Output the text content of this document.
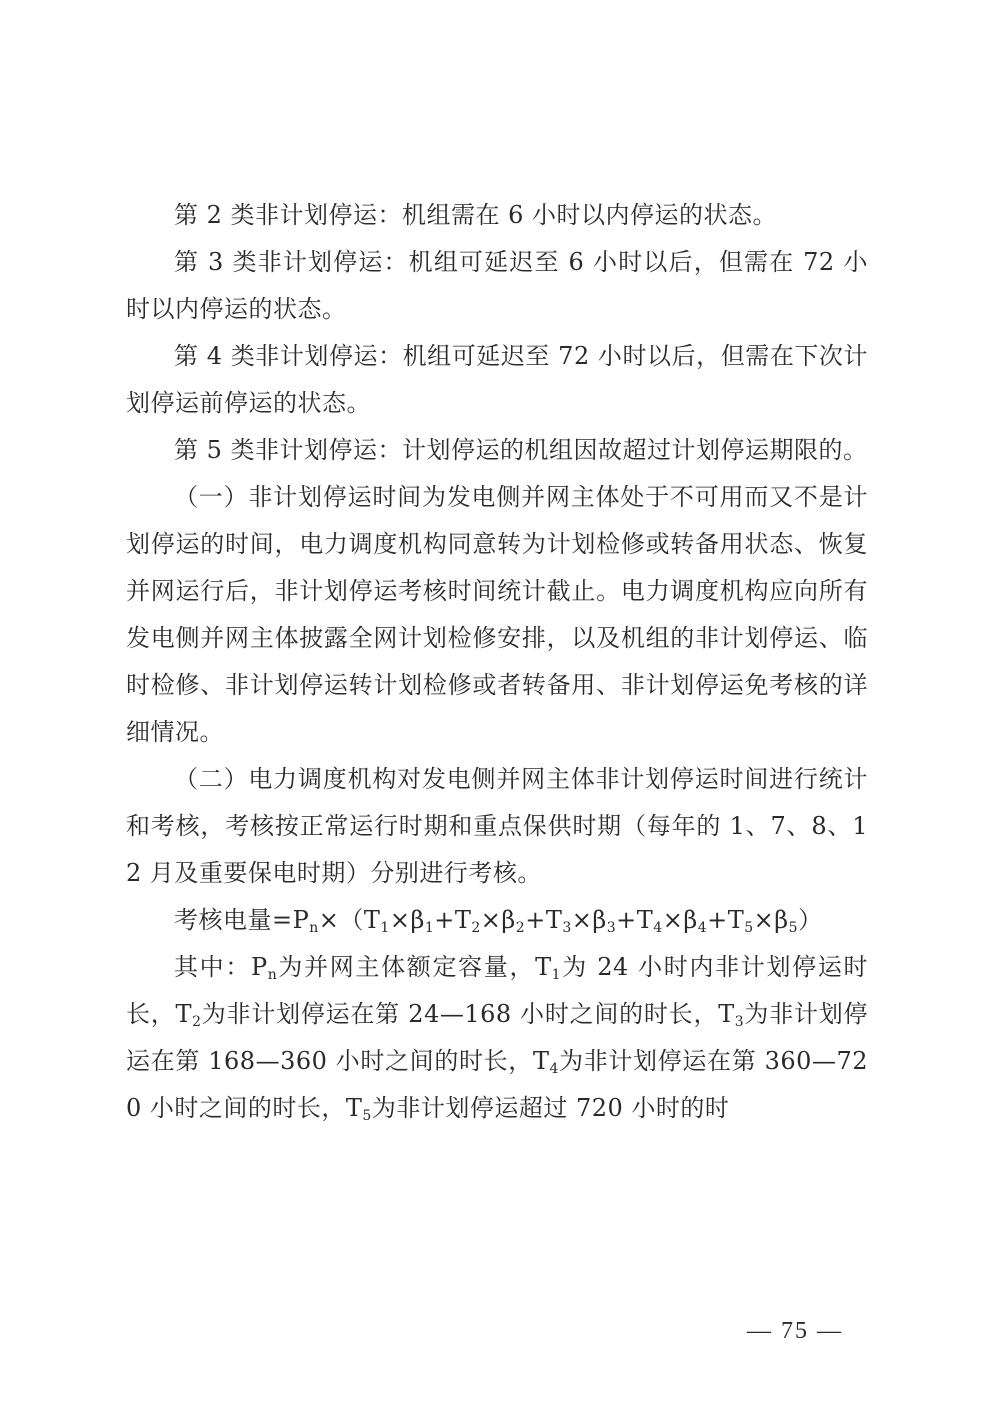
第 2 类非计划停运：机组需在 6 小时以内停运的状态。

第 3 类非计划停运：机组可延迟至 6 小时以后，但需在 72 小时以内停运的状态。

第 4 类非计划停运：机组可延迟至 72 小时以后，但需在下次计划停运前停运的状态。

第 5 类非计划停运：计划停运的机组因故超过计划停运期限的。

（一）非计划停运时间为发电侧并网主体处于不可用而又不是计划停运的时间，电力调度机构同意转为计划检修或转备用状态、恢复并网运行后，非计划停运考核时间统计截止。电力调度机构应向所有发电侧并网主体披露全网计划检修安排，以及机组的非计划停运、临时检修、非计划停运转计划检修或者转备用、非计划停运免考核的详细情况。

（二）电力调度机构对发电侧并网主体非计划停运时间进行统计和考核，考核按正常运行时期和重点保供时期（每年的 1、7、8、12 月及重要保电时期）分别进行考核。

考核电量$=P_n\times(T_1\times\beta_1+T_2\times\beta_2+T_3\times\beta_3+T_4\times\beta_4+T_5\times\beta_5)$

其中：$P_n$为并网主体额定容量，$T_1$为 24 小时内非计划停运时长，$T_2$为非计划停运在第 24—168 小时之间的时长，$T_3$为非计划停运在第 168—360 小时之间的时长，$T_4$为非计划停运在第 360—720 小时之间的时长，$T_5$为非计划停运超过 720 小时的时

— 75 —
